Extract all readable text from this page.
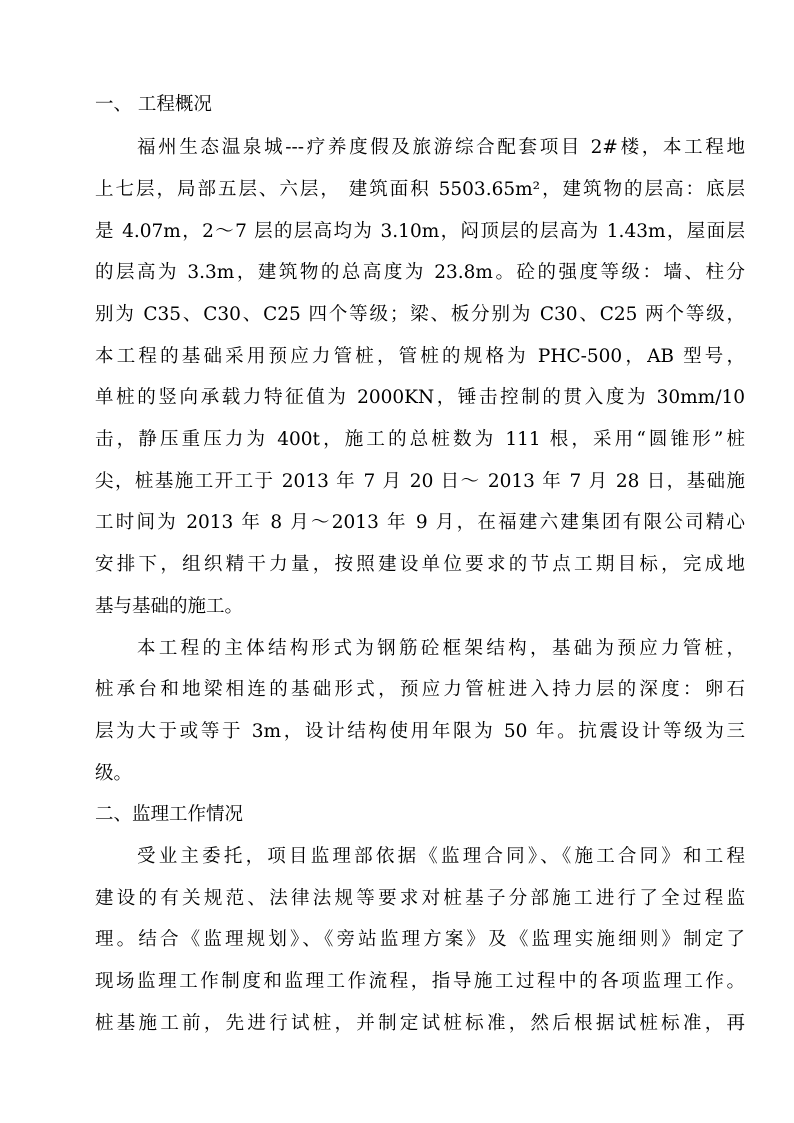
一、 工程概况
福州生态温泉城---疗养度假及旅游综合配套项目 2#楼，本工程地
上七层，局部五层、六层， 建筑面积 5503.65m²，建筑物的层高：底层
是 4.07m，2～7 层的层高均为 3.10m，闷顶层的层高为 1.43m，屋面层
的层高为 3.3m，建筑物的总高度为 23.8m。砼的强度等级：墙、柱分
别为 C35、C30、C25 四个等级；梁、板分别为 C30、C25 两个等级，
本工程的基础采用预应力管桩，管桩的规格为 PHC-500，AB 型号，
单桩的竖向承载力特征值为 2000KN，锤击控制的贯入度为 30mm/10
击，静压重压力为 400t，施工的总桩数为 111 根，采用“圆锥形”桩
尖，桩基施工开工于 2013 年 7 月 20 日～ 2013 年 7 月 28 日，基础施
工时间为 2013 年 8 月～2013 年 9 月，在福建六建集团有限公司精心
安排下，组织精干力量，按照建设单位要求的节点工期目标，完成地
基与基础的施工。
本工程的主体结构形式为钢筋砼框架结构，基础为预应力管桩，
桩承台和地梁相连的基础形式，预应力管桩进入持力层的深度：卵石
层为大于或等于 3m，设计结构使用年限为 50 年。抗震设计等级为三
级。
二、监理工作情况
受业主委托，项目监理部依据《监理合同》、《施工合同》和工程
建设的有关规范、法律法规等要求对桩基子分部施工进行了全过程监
理。结合《监理规划》、《旁站监理方案》及《监理实施细则》制定了
现场监理工作制度和监理工作流程，指导施工过程中的各项监理工作。
桩基施工前，先进行试桩，并制定试桩标准，然后根据试桩标准，再
